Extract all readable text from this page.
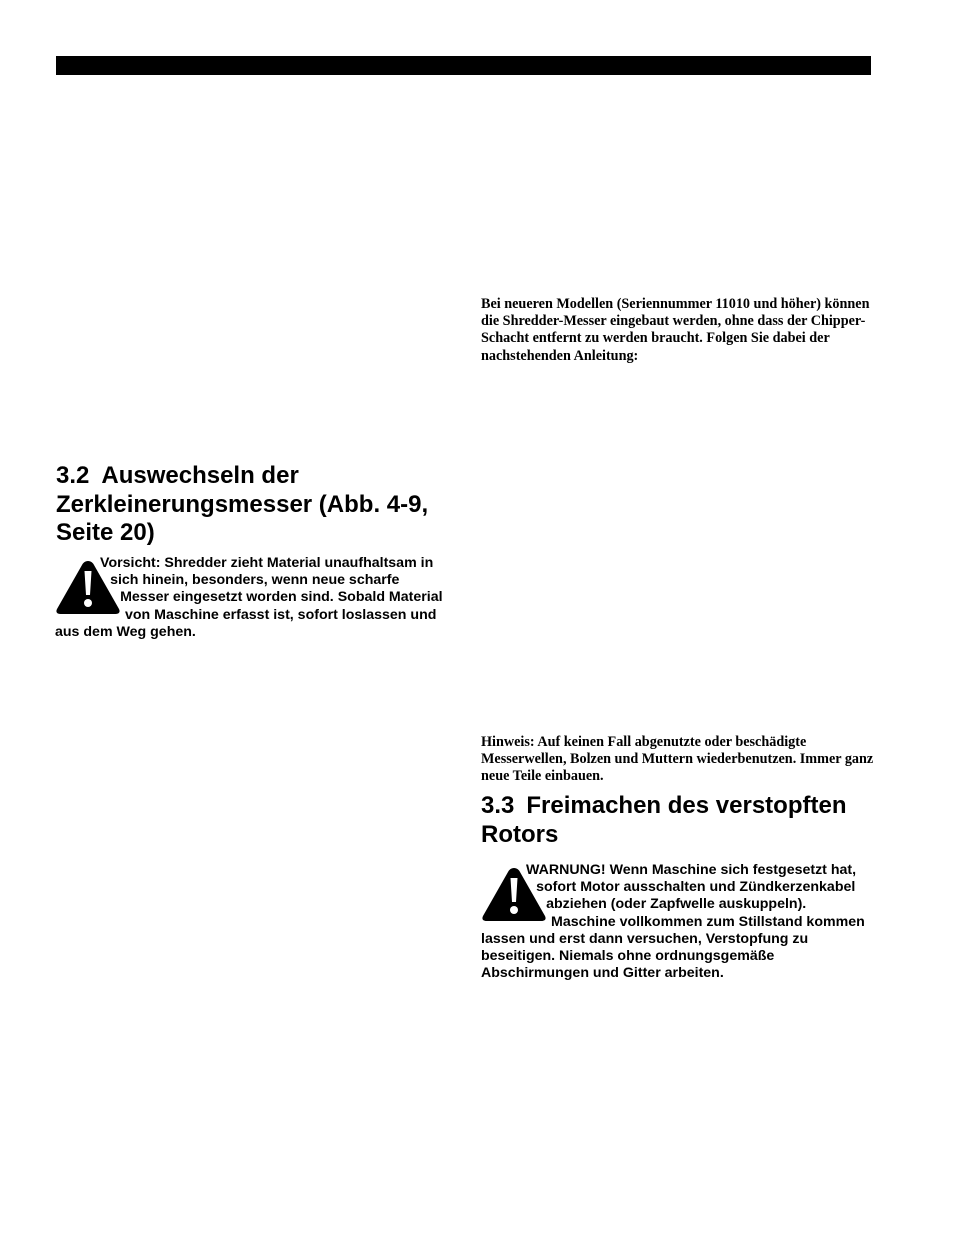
Bei neueren Modellen (Seriennummer 11010 und höher) können die Shredder-Messer eingebaut werden, ohne dass der Chipper-Schacht entfernt zu werden braucht. Folgen Sie dabei der nachstehenden Anleitung:

3.2 Auswechseln der Zerkleinerungsmesser (Abb. 4-9, Seite 20)
Vorsicht: Shredder zieht Material unaufhaltsam in sich hinein, besonders, wenn neue scharfe Messer eingesetzt worden sind. Sobald Material von Maschine erfasst ist, sofort loslassen und aus dem Weg gehen.

Hinweis: Auf keinen Fall abgenutzte oder beschädigte Messerwellen, Bolzen und Muttern wiederbenutzen. Immer ganz neue Teile einbauen.

3.3 Freimachen des verstopften Rotors
WARNUNG! Wenn Maschine sich festgesetzt hat, sofort Motor ausschalten und Zündkerzenkabel abziehen (oder Zapfwelle auskuppeln). Maschine vollkommen zum Stillstand kommen lassen und erst dann versuchen, Verstopfung zu beseitigen. Niemals ohne ordnungsgemäße Abschirmungen und Gitter arbeiten.
